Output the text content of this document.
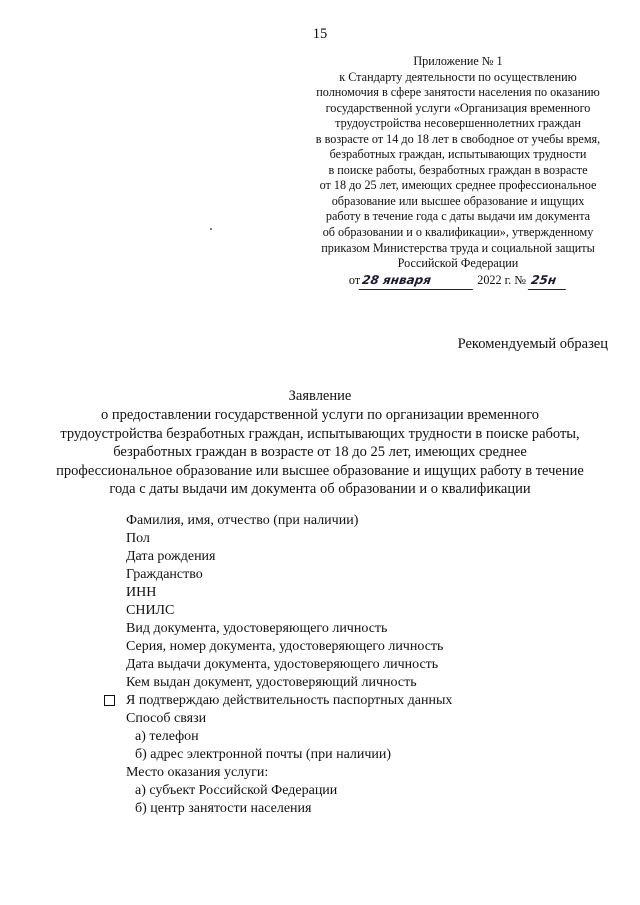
15
Приложение № 1
к Стандарту деятельности по осуществлению
полномочия в сфере занятости населения по оказанию
государственной услуги «Организация временного
трудоустройства несовершеннолетних граждан
в возрасте от 14 до 18 лет в свободное от учебы время,
безработных граждан, испытывающих трудности
в поиске работы, безработных граждан в возрасте
от 18 до 25 лет, имеющих среднее профессиональное
образование или высшее образование и ищущих
работу в течение года с даты выдачи им документа
об образовании и о квалификации», утвержденному
приказом Министерства труда и социальной защиты
Российской Федерации
от28 января	2022 г. № 25н
Рекомендуемый образец
Заявление
о предоставлении государственной услуги по организации временного
трудоустройства безработных граждан, испытывающих трудности в поиске работы,
безработных граждан в возрасте от 18 до 25 лет, имеющих среднее
профессиональное образование или высшее образование и ищущих работу в течение
года с даты выдачи им документа об образовании и о квалификации
Фамилия, имя, отчество (при наличии)
Пол
Дата рождения
Гражданство
ИНН
СНИЛС
Вид документа, удостоверяющего личность
Серия, номер документа, удостоверяющего личность
Дата выдачи документа, удостоверяющего личность
Кем выдан документ, удостоверяющий личность
Я подтверждаю действительность паспортных данных
Способ связи
а) телефон
б) адрес электронной почты (при наличии)
Место оказания услуги:
а) субъект Российской Федерации
б) центр занятости населения
